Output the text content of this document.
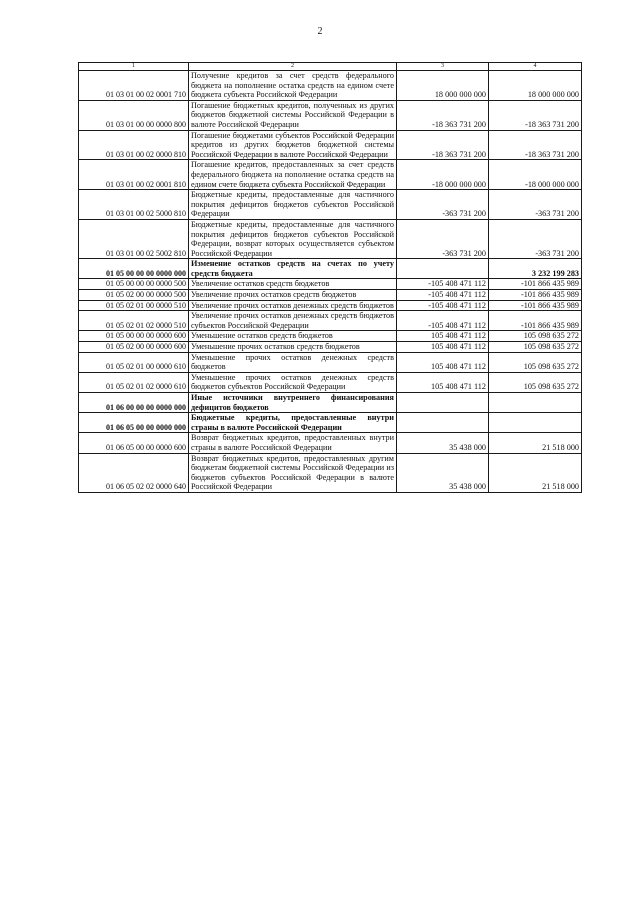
2
1	2	3	4
01 03 01 00 02 0001 710	Получение кредитов за счет средств федерального бюджета на пополнение остатка средств на едином счете бюджета субъекта Российской Федерации	18 000 000 000	18 000 000 000
01 03 01 00 00 0000 800	Погашение бюджетных кредитов, полученных из других бюджетов бюджетной системы Российской Федерации в валюте Российской Федерации	-18 363 731 200	-18 363 731 200
01 03 01 00 02 0000 810	Погашение бюджетами субъектов Российской Федерации кредитов из других бюджетов бюджетной системы Российской Федерации в валюте Российской Федерации	-18 363 731 200	-18 363 731 200
01 03 01 00 02 0001 810	Погашение кредитов, предоставленных за счет средств федерального бюджета на пополнение остатка средств на едином счете бюджета субъекта Российской Федерации	-18 000 000 000	-18 000 000 000
01 03 01 00 02 5000 810	Бюджетные кредиты, предоставленные для частичного покрытия дефицитов бюджетов субъектов Российской Федерации	-363 731 200	-363 731 200
01 03 01 00 02 5002 810	Бюджетные кредиты, предоставленные для частичного покрытия дефицитов бюджетов субъектов Российской Федерации, возврат которых осуществляется субъектом Российской Федерации	-363 731 200	-363 731 200
01 05 00 00 00 0000 000	Изменение остатков средств на счетах по учету средств бюджета		3 232 199 283
01 05 00 00 00 0000 500	Увеличение остатков средств бюджетов	-105 408 471 112	-101 866 435 989
01 05 02 00 00 0000 500	Увеличение прочих остатков средств бюджетов	-105 408 471 112	-101 866 435 989
01 05 02 01 00 0000 510	Увеличение прочих остатков денежных средств бюджетов	-105 408 471 112	-101 866 435 989
01 05 02 01 02 0000 510	Увеличение прочих остатков денежных средств бюджетов субъектов Российской Федерации	-105 408 471 112	-101 866 435 989
01 05 00 00 00 0000 600	Уменьшение остатков средств бюджетов	105 408 471 112	105 098 635 272
01 05 02 00 00 0000 600	Уменьшение прочих остатков средств бюджетов	105 408 471 112	105 098 635 272
01 05 02 01 00 0000 610	Уменьшение прочих остатков денежных средств бюджетов	105 408 471 112	105 098 635 272
01 05 02 01 02 0000 610	Уменьшение прочих остатков денежных средств бюджетов субъектов Российской Федерации	105 408 471 112	105 098 635 272
01 06 00 00 00 0000 000	Иные источники внутреннего финансирования дефицитов бюджетов		
01 06 05 00 00 0000 000	Бюджетные кредиты, предоставленные внутри страны в валюте Российской Федерации		
01 06 05 00 00 0000 600	Возврат бюджетных кредитов, предоставленных внутри страны в валюте Российской Федерации	35 438 000	21 518 000
01 06 05 02 02 0000 640	Возврат бюджетных кредитов, предоставленных другим бюджетам бюджетной системы Российской Федерации из бюджетов субъектов Российской Федерации в валюте Российской Федерации	35 438 000	21 518 000
